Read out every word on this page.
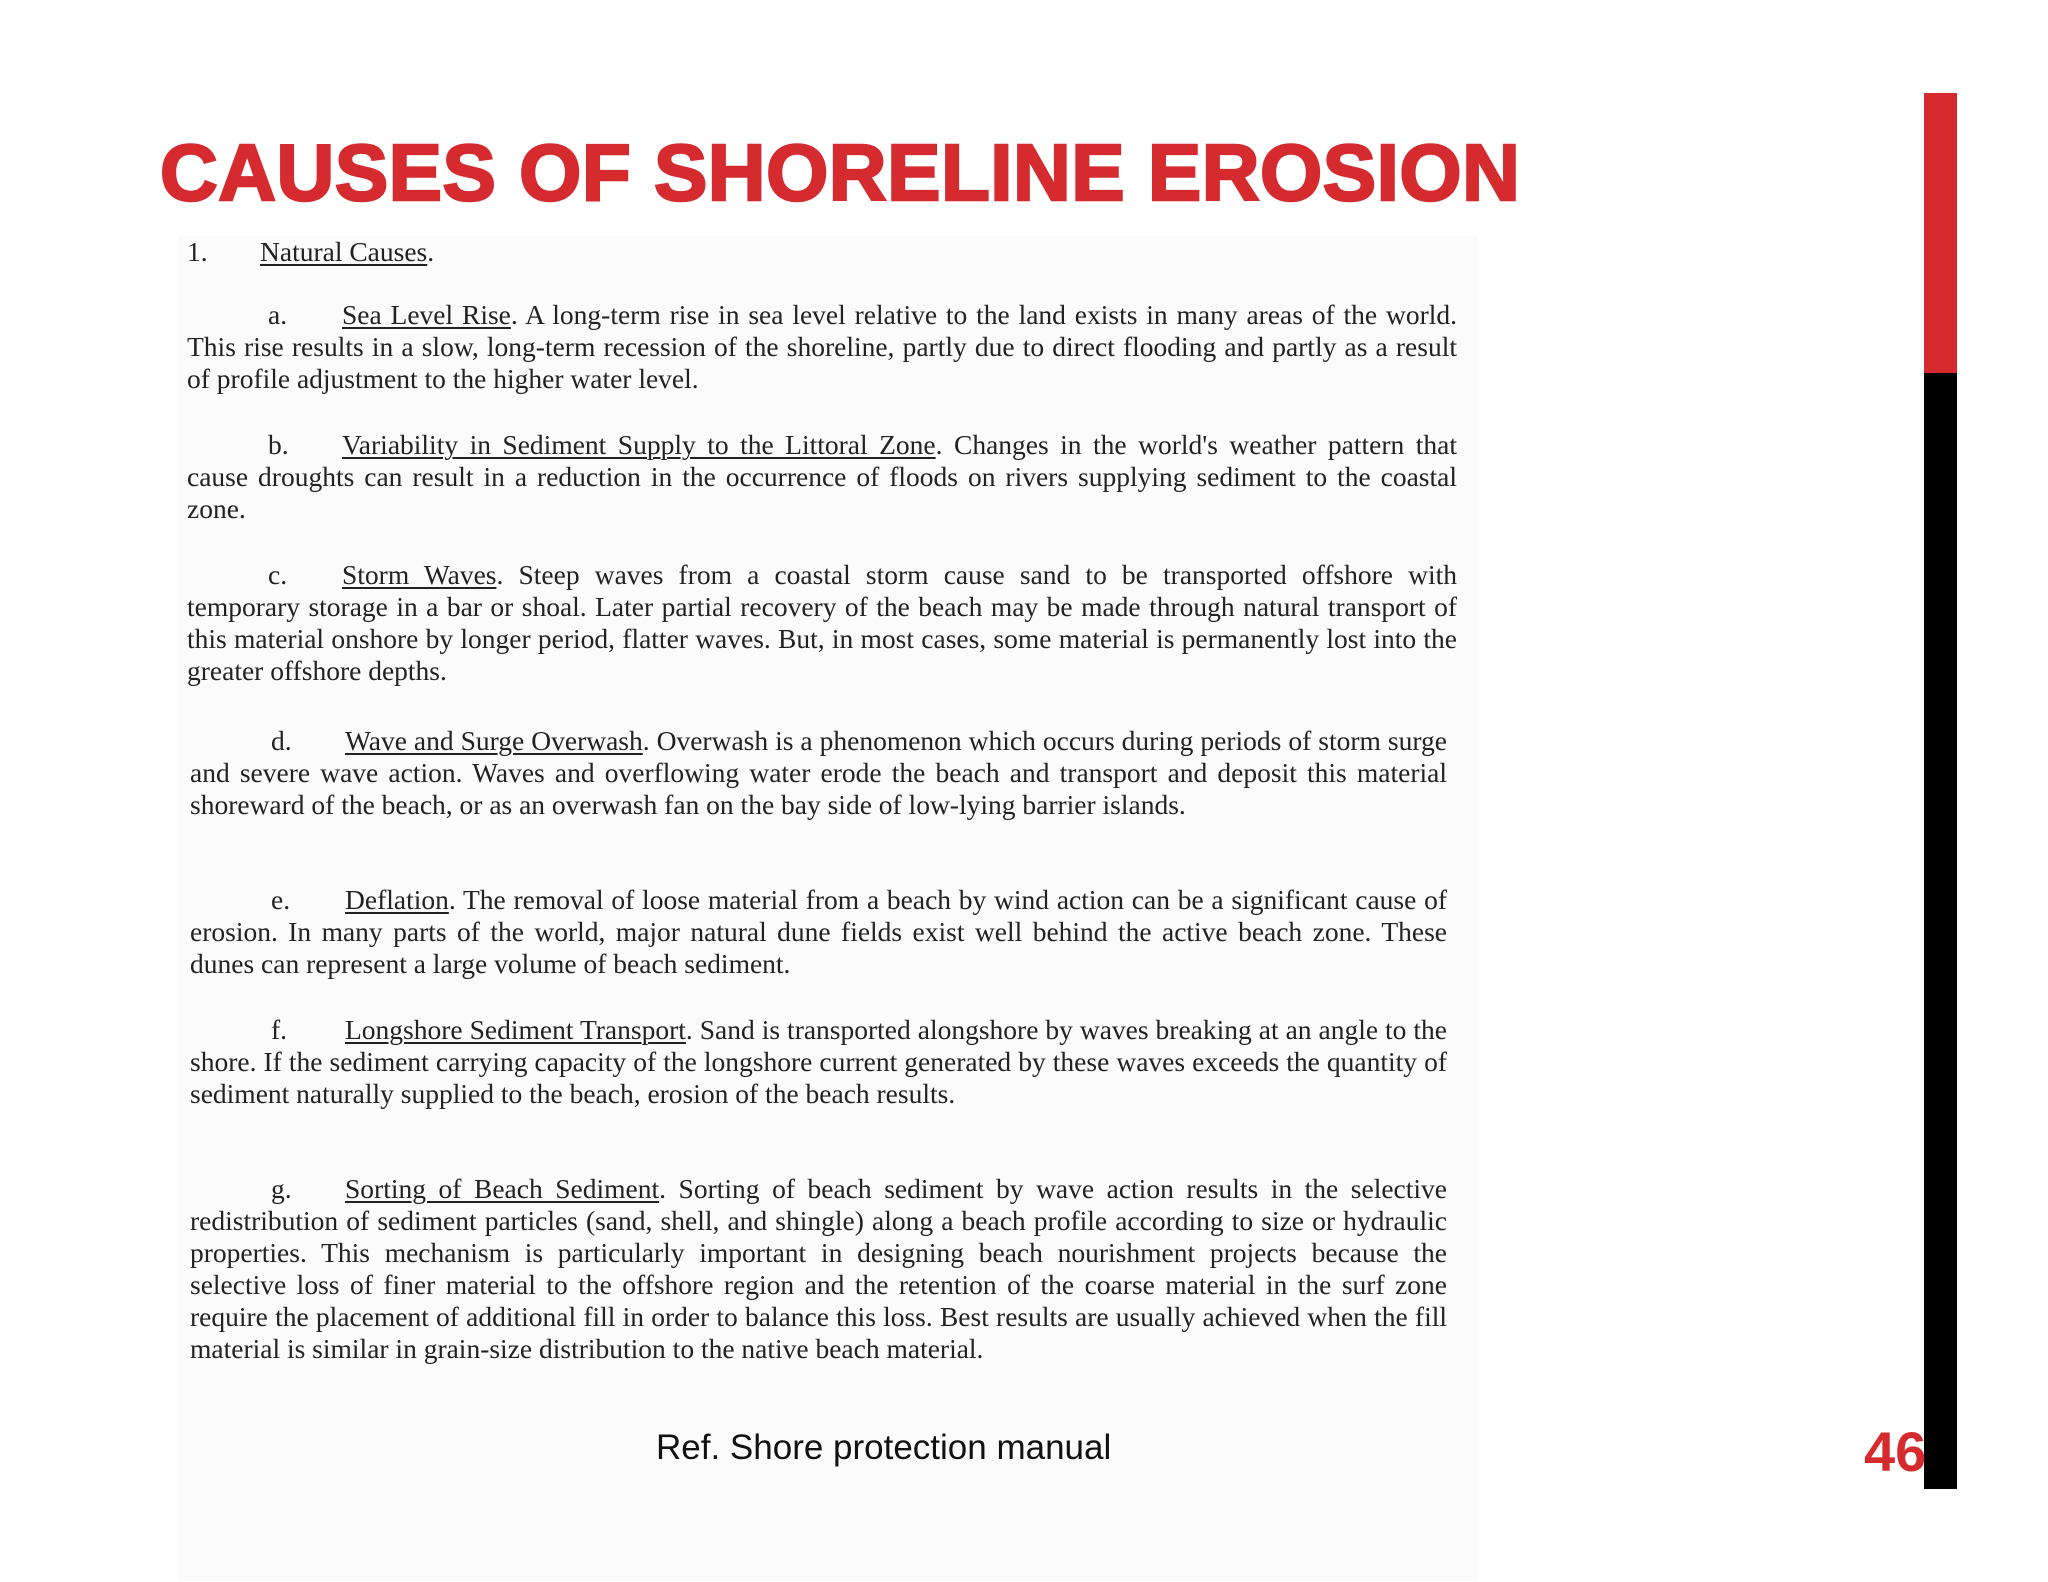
CAUSES OF SHORELINE EROSION
1. Natural Causes.

a. Sea Level Rise. A long-term rise in sea level relative to the land exists in many areas of the world. This rise results in a slow, long-term recession of the shoreline, partly due to direct flooding and partly as a result of profile adjustment to the higher water level.

b. Variability in Sediment Supply to the Littoral Zone. Changes in the world's weather pattern that cause droughts can result in a reduction in the occurrence of floods on rivers supplying sediment to the coastal zone.

c. Storm Waves. Steep waves from a coastal storm cause sand to be transported offshore with temporary storage in a bar or shoal. Later partial recovery of the beach may be made through natural transport of this material onshore by longer period, flatter waves. But, in most cases, some material is permanently lost into the greater offshore depths.

d. Wave and Surge Overwash. Overwash is a phenomenon which occurs during periods of storm surge and severe wave action. Waves and overflowing water erode the beach and transport and deposit this material shoreward of the beach, or as an overwash fan on the bay side of low-lying barrier islands.

e. Deflation. The removal of loose material from a beach by wind action can be a significant cause of erosion. In many parts of the world, major natural dune fields exist well behind the active beach zone. These dunes can represent a large volume of beach sediment.

f. Longshore Sediment Transport. Sand is transported alongshore by waves breaking at an angle to the shore. If the sediment carrying capacity of the longshore current generated by these waves exceeds the quantity of sediment naturally supplied to the beach, erosion of the beach results.

g. Sorting of Beach Sediment. Sorting of beach sediment by wave action results in the selective redistribution of sediment particles (sand, shell, and shingle) along a beach profile according to size or hydraulic properties. This mechanism is particularly important in designing beach nourishment projects because the selective loss of finer material to the offshore region and the retention of the coarse material in the surf zone require the placement of additional fill in order to balance this loss. Best results are usually achieved when the fill material is similar in grain-size distribution to the native beach material.

Ref. Shore protection manual	46
